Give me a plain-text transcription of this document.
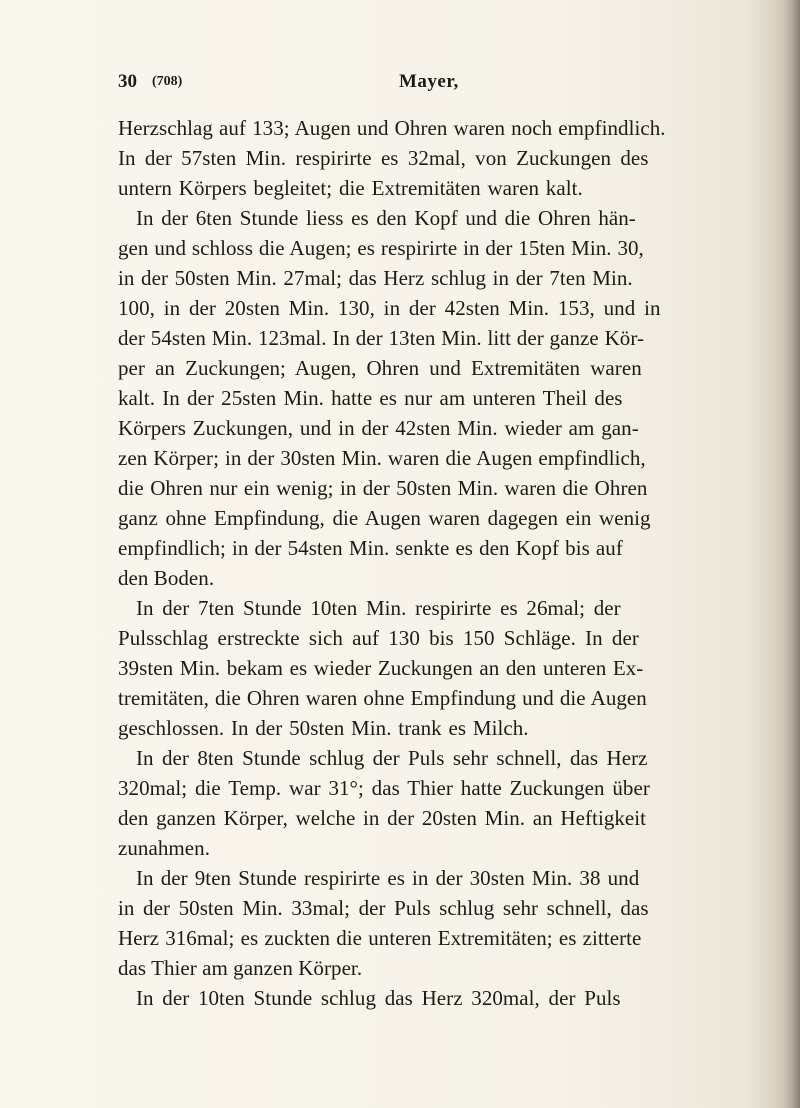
30 (708)	Mayer,
Herzschlag auf 133; Augen und Ohren waren noch empfindlich.
In der 57sten Min. respirirte es 32mal, von Zuckungen des
untern Körpers begleitet; die Extremitäten waren kalt.
In der 6ten Stunde liess es den Kopf und die Ohren hän-
gen und schloss die Augen; es respirirte in der 15ten Min. 30,
in der 50sten Min. 27mal; das Herz schlug in der 7ten Min.
100, in der 20sten Min. 130, in der 42sten Min. 153, und in
der 54sten Min. 123mal. In der 13ten Min. litt der ganze Kör-
per an Zuckungen; Augen, Ohren und Extremitäten waren
kalt. In der 25sten Min. hatte es nur am unteren Theil des
Körpers Zuckungen, und in der 42sten Min. wieder am gan-
zen Körper; in der 30sten Min. waren die Augen empfindlich,
die Ohren nur ein wenig; in der 50sten Min. waren die Ohren
ganz ohne Empfindung, die Augen waren dagegen ein wenig
empfindlich; in der 54sten Min. senkte es den Kopf bis auf
den Boden.
In der 7ten Stunde 10ten Min. respirirte es 26mal; der
Pulsschlag erstreckte sich auf 130 bis 150 Schläge. In der
39sten Min. bekam es wieder Zuckungen an den unteren Ex-
tremitäten, die Ohren waren ohne Empfindung und die Augen
geschlossen. In der 50sten Min. trank es Milch.
In der 8ten Stunde schlug der Puls sehr schnell, das Herz
320mal; die Temp. war 31°; das Thier hatte Zuckungen über
den ganzen Körper, welche in der 20sten Min. an Heftigkeit
zunahmen.
In der 9ten Stunde respirirte es in der 30sten Min. 38 und
in der 50sten Min. 33mal; der Puls schlug sehr schnell, das
Herz 316mal; es zuckten die unteren Extremitäten; es zitterte
das Thier am ganzen Körper.
In der 10ten Stunde schlug das Herz 320mal, der Puls
